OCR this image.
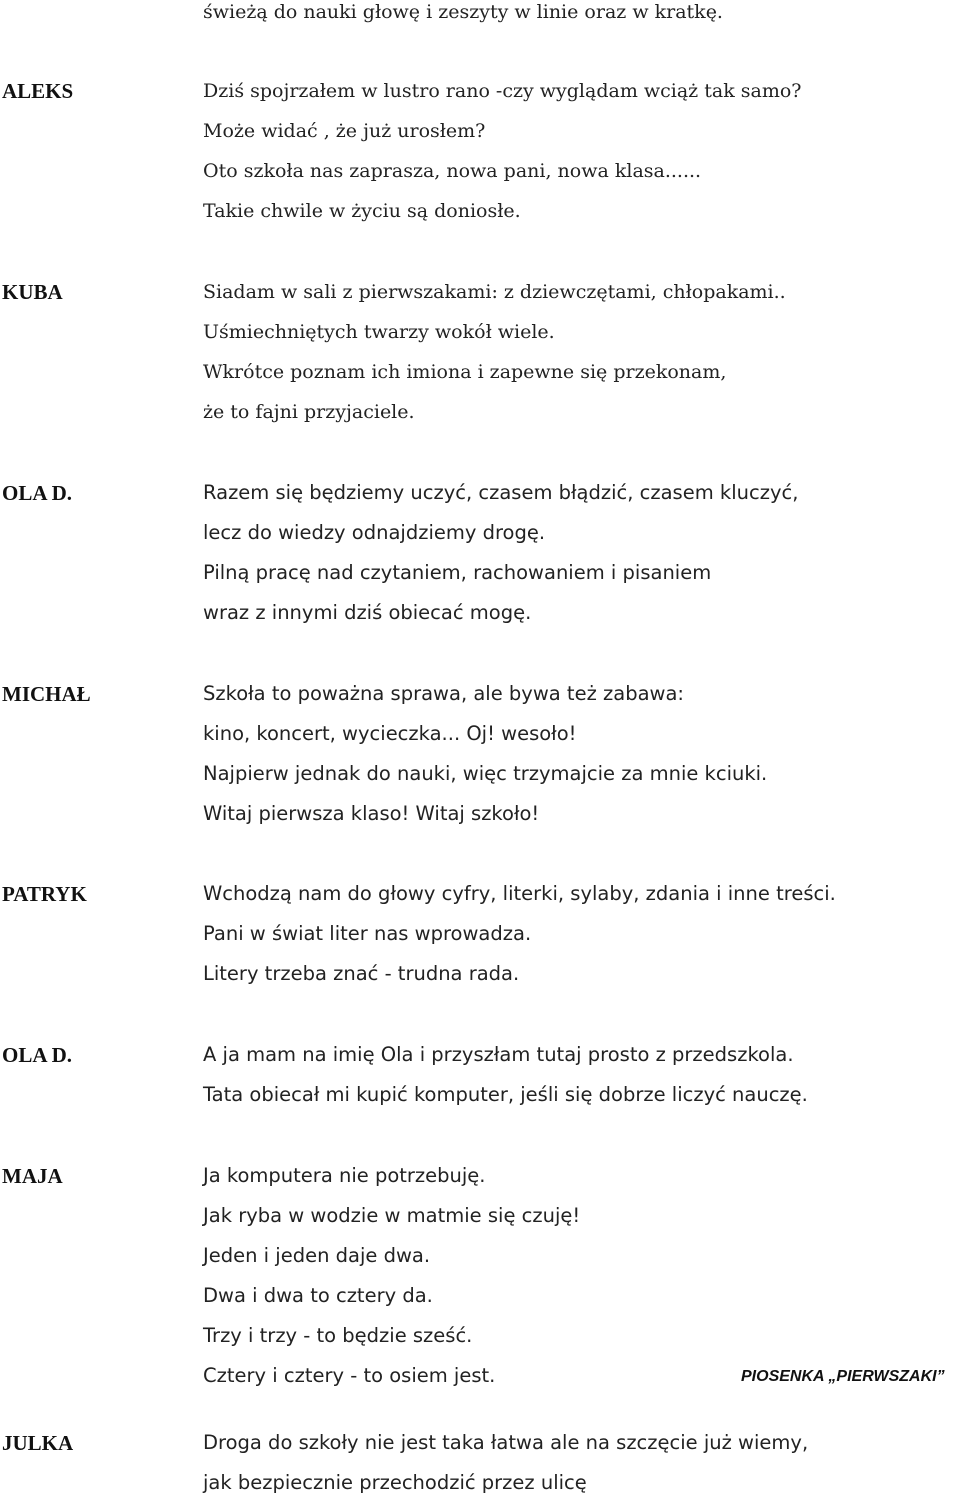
świeżą do nauki głowę i zeszyty w linie oraz w kratkę.
ALEKS	Dziś spojrzałem w lustro rano -czy wyglądam wciąż tak samo?
Może widać , że już urosłem?
Oto szkoła nas zaprasza, nowa pani, nowa klasa......
Takie chwile w życiu są doniosłe.
KUBA	Siadam w sali z pierwszakami: z dziewczętami, chłopakami..
Uśmiechniętych twarzy wokół wiele.
Wkrótce poznam ich imiona i zapewne się przekonam,
że to fajni przyjaciele.
OLA D.	Razem się będziemy uczyć, czasem błądzić, czasem kluczyć,
lecz do wiedzy odnajdziemy drogę.
Pilną pracę nad czytaniem, rachowaniem i pisaniem
wraz z innymi dziś obiecać mogę.
MICHAŁ	Szkoła to poważna sprawa, ale bywa też zabawa:
kino, koncert, wycieczka... Oj! wesoło!
Najpierw jednak do nauki, więc trzymajcie za mnie kciuki.
Witaj pierwsza klaso! Witaj szkoło!
PATRYK	Wchodzą nam do głowy cyfry, literki, sylaby, zdania i inne treści.
Pani w świat liter nas wprowadza.
Litery trzeba znać - trudna rada.
OLA D.	A ja mam na imię Ola i przyszłam tutaj prosto z przedszkola.
Tata obiecał mi kupić komputer, jeśli się dobrze liczyć nauczę.
MAJA	Ja komputera nie potrzebuję.
Jak ryba w wodzie w matmie się czuję!
Jeden i jeden daje dwa.
Dwa i dwa to cztery da.
Trzy i trzy - to będzie sześć.
Cztery i cztery - to osiem jest.	PIOSENKA „PIERWSZAKI”
JULKA	Droga do szkoły nie jest taka łatwa ale na szczęcie już wiemy,
jak bezpiecznie przechodzić przez ulicę
